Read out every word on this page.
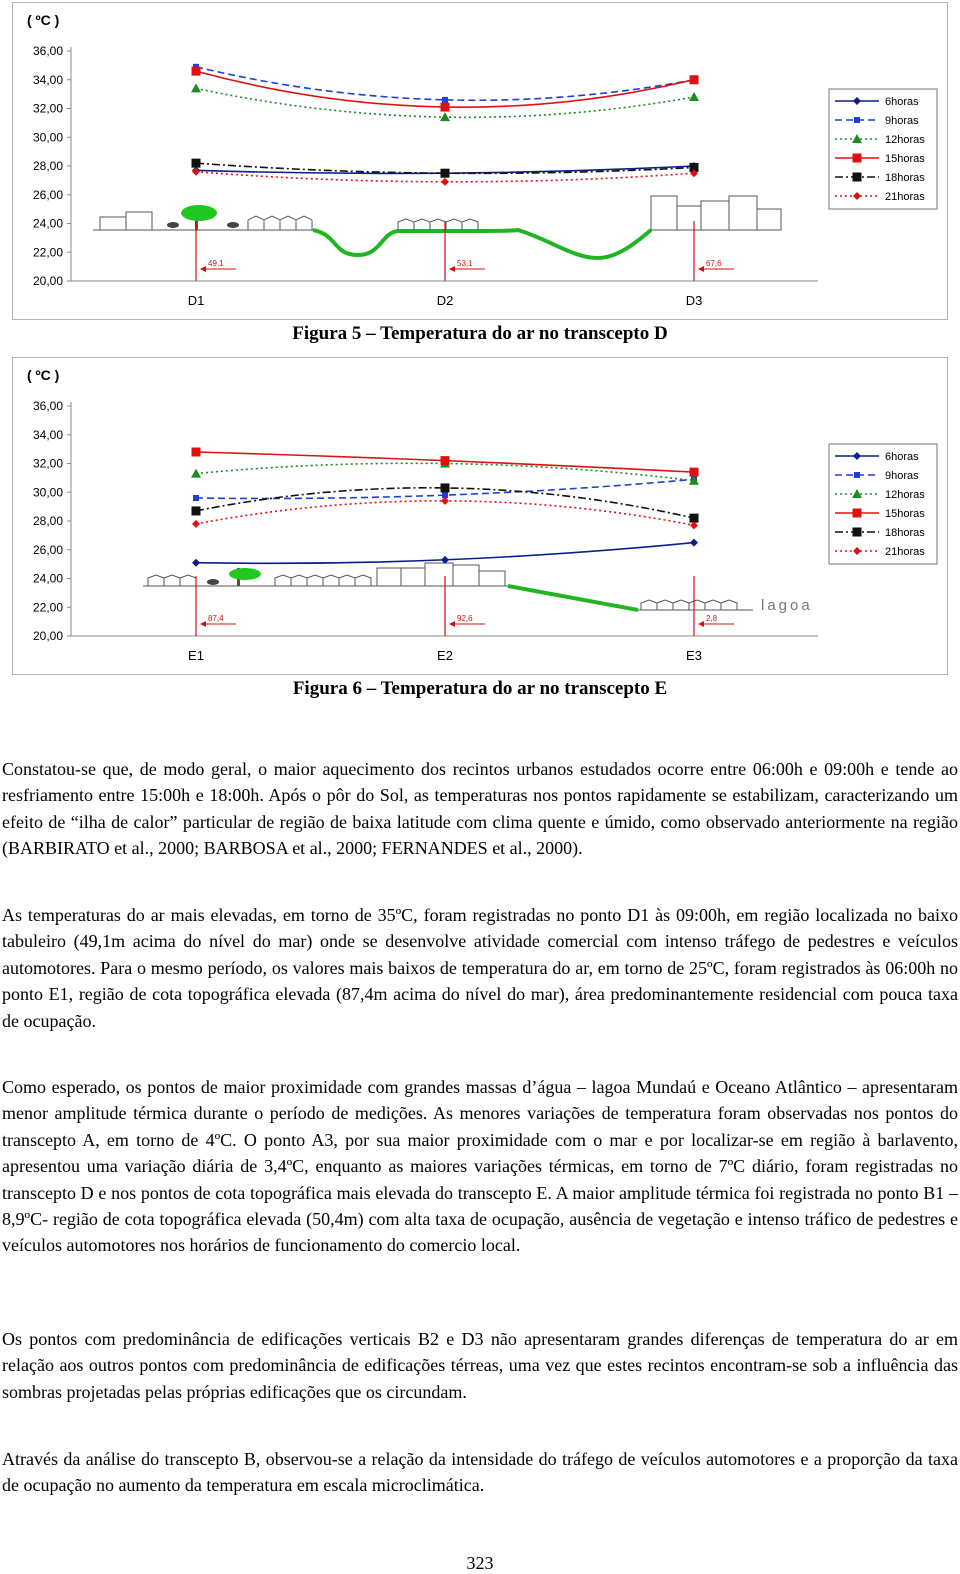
( ºC )
36,00
34,00
32,00
30,00
28,00
26,00
24,00
22,00
20,00
49,1
D1
53,1
D2
67,6
D3
6horas
9horas
12horas
15horas
18horas
21horas
Figura 5 – Temperatura do ar no transcepto D
lagoa
( ºC )
36,00
34,00
32,00
30,00
28,00
26,00
24,00
22,00
20,00
87,4
E1
92,6
E2
2,8
E3
6horas
9horas
12horas
15horas
18horas
21horas
Figura 6 – Temperatura do ar no transcepto E

Constatou-se que, de modo geral, o maior aquecimento dos recintos urbanos estudados ocorre entre 06:00h e 09:00h e tende ao resfriamento entre 15:00h e 18:00h. Após o pôr do Sol, as temperaturas nos pontos rapidamente se estabilizam, caracterizando um efeito de “ilha de calor” particular de região de baixa latitude com clima quente e úmido, como observado anteriormente na região (BARBIRATO et al., 2000; BARBOSA et al., 2000; FERNANDES et al., 2000).

As temperaturas do ar mais elevadas, em torno de 35ºC, foram registradas no ponto D1 às 09:00h, em região localizada no baixo tabuleiro (49,1m acima do nível do mar) onde se desenvolve atividade comercial com intenso tráfego de pedestres e veículos automotores. Para o mesmo período, os valores mais baixos de temperatura do ar, em torno de 25ºC, foram registrados às 06:00h no ponto E1, região de cota topográfica elevada (87,4m acima do nível do mar), área predominantemente residencial com pouca taxa de ocupação.

Como esperado, os pontos de maior proximidade com grandes massas d’água – lagoa Mundaú e Oceano Atlântico – apresentaram menor amplitude térmica durante o período de medições. As menores variações de temperatura foram observadas nos pontos do transcepto A, em torno de 4ºC. O ponto A3, por sua maior proximidade com o mar e por localizar-se em região à barlavento, apresentou uma variação diária de 3,4ºC, enquanto as maiores variações térmicas, em torno de 7ºC diário, foram registradas no transcepto D e nos pontos de cota topográfica mais elevada do transcepto E. A maior amplitude térmica foi registrada no ponto B1 – 8,9ºC- região de cota topográfica elevada (50,4m) com alta taxa de ocupação, ausência de vegetação e intenso tráfico de pedestres e veículos automotores nos horários de funcionamento do comercio local.

Os pontos com predominância de edificações verticais B2 e D3 não apresentaram grandes diferenças de temperatura do ar em relação aos outros pontos com predominância de edificações térreas, uma vez que estes recintos encontram-se sob a influência das sombras projetadas pelas próprias edificações que os circundam.

Através da análise do transcepto B, observou-se a relação da intensidade do tráfego de veículos automotores e a proporção da taxa de ocupação no aumento da temperatura em escala microclimática.

323
